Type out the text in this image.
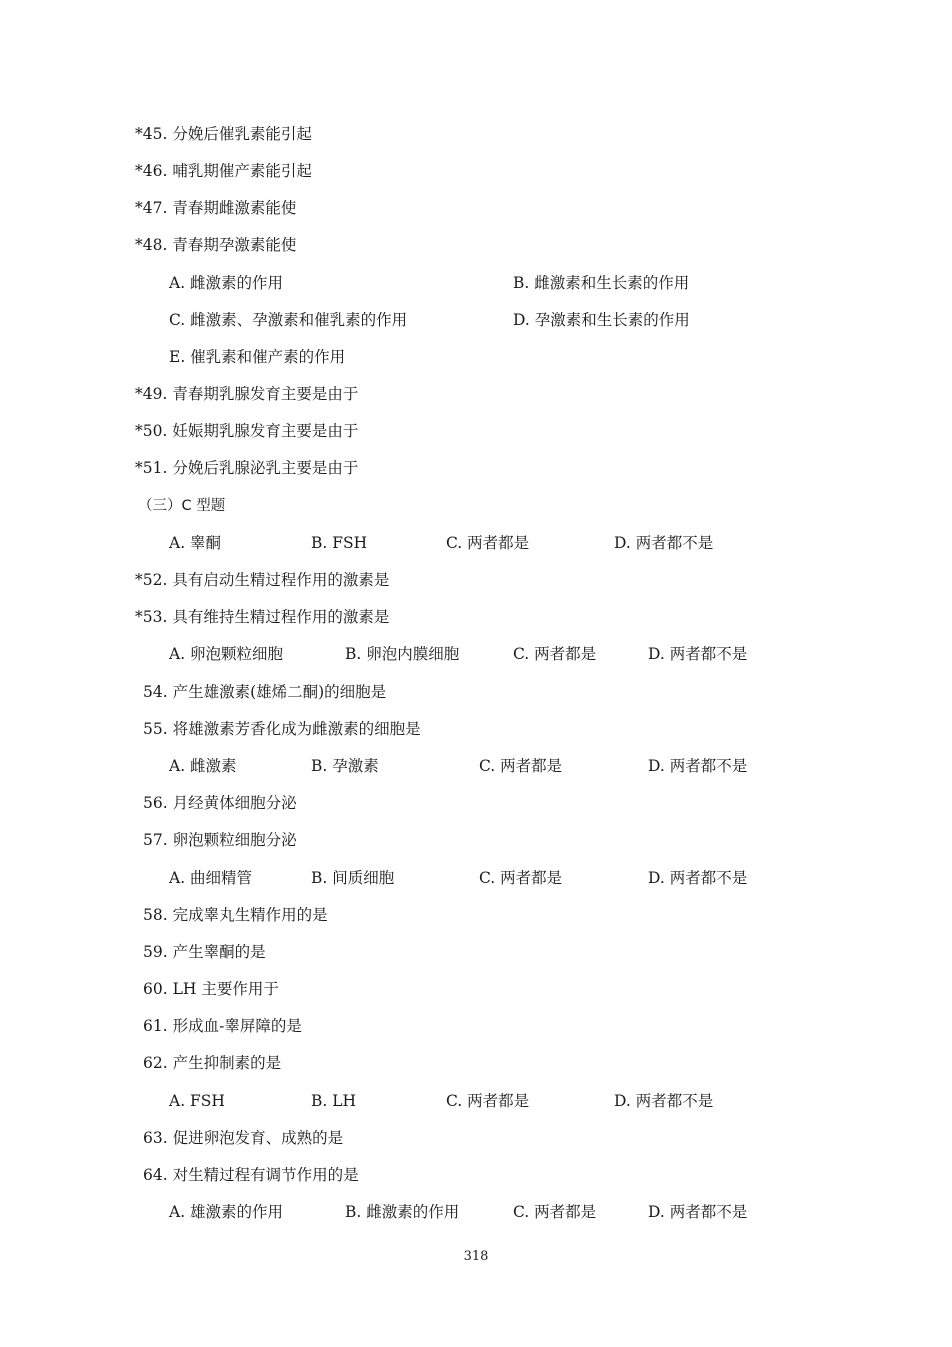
*45. 分娩后催乳素能引起
*46. 哺乳期催产素能引起
*47. 青春期雌激素能使
*48. 青春期孕激素能使
A. 雌激素的作用	B. 雌激素和生长素的作用
C. 雌激素、孕激素和催乳素的作用	D. 孕激素和生长素的作用
E. 催乳素和催产素的作用
*49. 青春期乳腺发育主要是由于
*50. 妊娠期乳腺发育主要是由于
*51. 分娩后乳腺泌乳主要是由于
（三）C 型题
A. 睾酮	B. FSH	C. 两者都是	D. 两者都不是
*52. 具有启动生精过程作用的激素是
*53. 具有维持生精过程作用的激素是
A. 卵泡颗粒细胞	B. 卵泡内膜细胞	C. 两者都是	D. 两者都不是
54. 产生雄激素(雄烯二酮)的细胞是
55. 将雄激素芳香化成为雌激素的细胞是
A. 雌激素	B. 孕激素	C. 两者都是	D. 两者都不是
56. 月经黄体细胞分泌
57. 卵泡颗粒细胞分泌
A. 曲细精管	B. 间质细胞	C. 两者都是	D. 两者都不是
58. 完成睾丸生精作用的是
59. 产生睾酮的是
60. LH 主要作用于
61. 形成血-睾屏障的是
62. 产生抑制素的是
A. FSH	B. LH	C. 两者都是	D. 两者都不是
63. 促进卵泡发育、成熟的是
64. 对生精过程有调节作用的是
A. 雄激素的作用	B. 雌激素的作用	C. 两者都是	D. 两者都不是
318
